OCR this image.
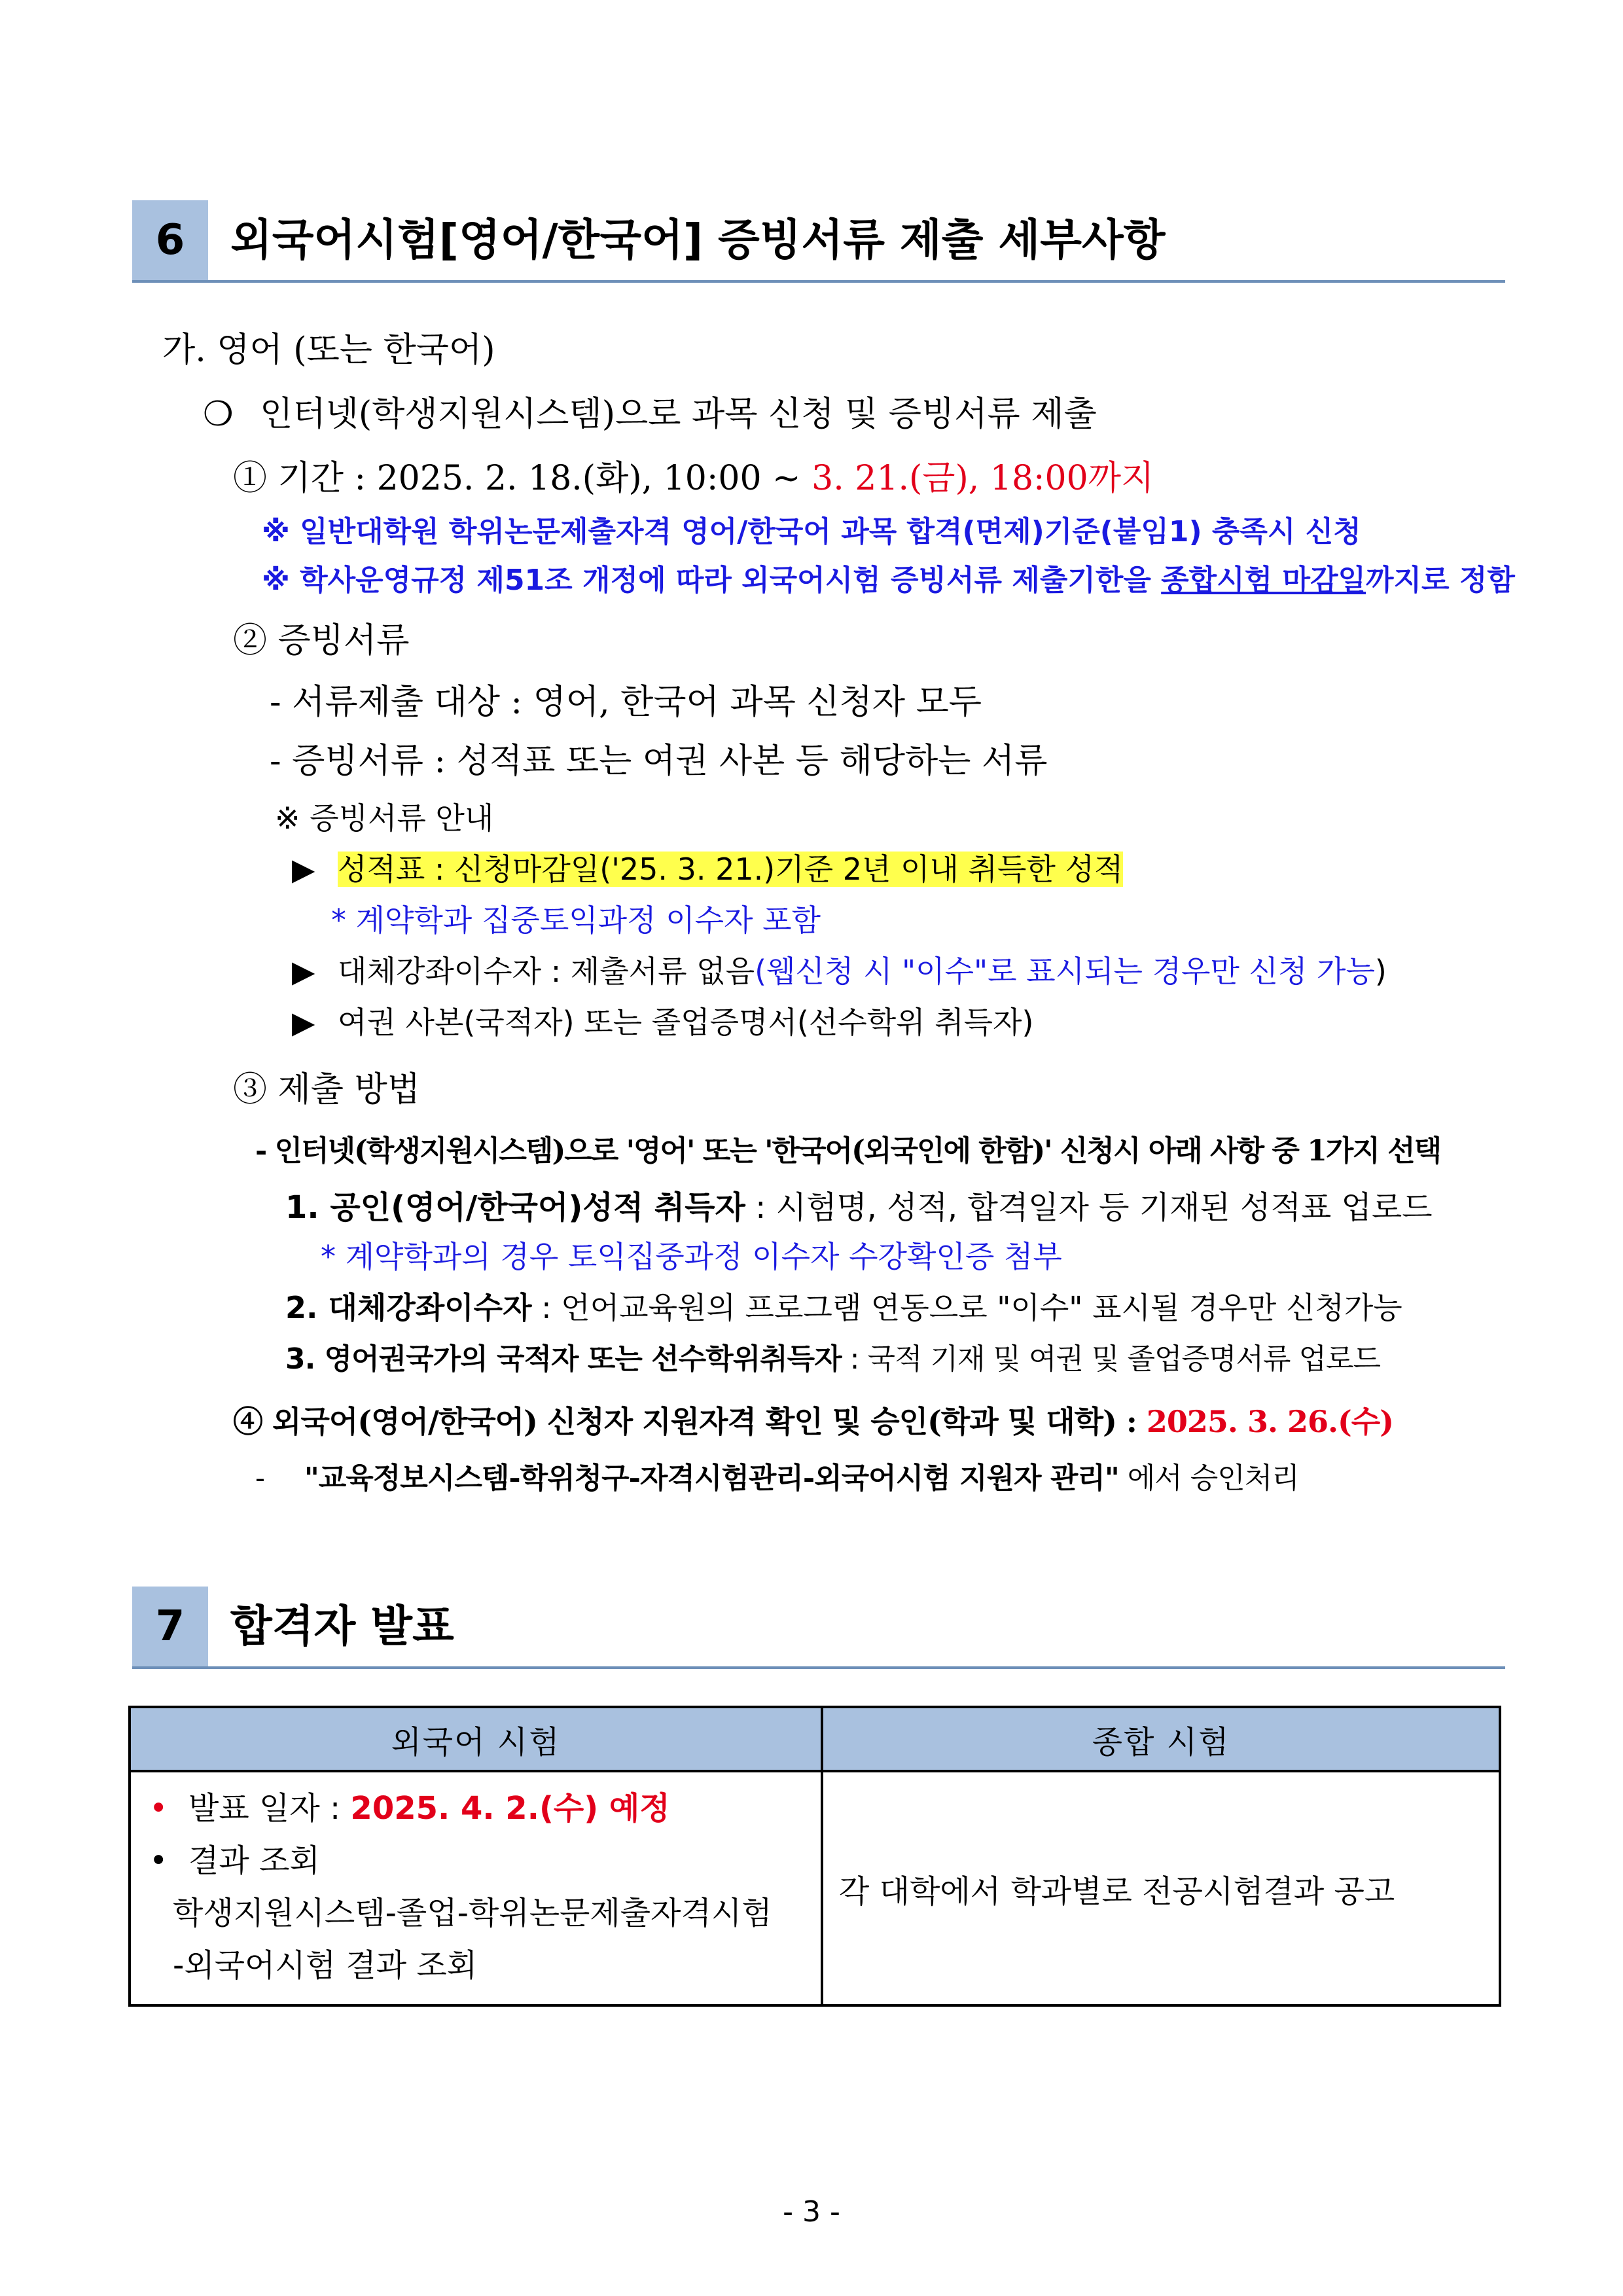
6	외국어시험[영어/한국어] 증빙서류 제출 세부사항
가. 영어 (또는 한국어)
❍ 인터넷(학생지원시스템)으로 과목 신청 및 증빙서류 제출
① 기간 : 2025. 2. 18.(화), 10:00 ~ 3. 21.(금), 18:00까지
※ 일반대학원 학위논문제출자격 영어/한국어 과목 합격(면제)기준(붙임1) 충족시 신청
※ 학사운영규정 제51조 개정에 따라 외국어시험 증빙서류 제출기한을 종합시험 마감일까지로 정함
② 증빙서류
- 서류제출 대상 : 영어, 한국어 과목 신청자 모두
- 증빙서류 : 성적표 또는 여권 사본 등 해당하는 서류
※ 증빙서류 안내
▶ 성적표 : 신청마감일('25. 3. 21.)기준 2년 이내 취득한 성적
* 계약학과 집중토익과정 이수자 포함
▶ 대체강좌이수자 : 제출서류 없음(웹신청 시 "이수"로 표시되는 경우만 신청 가능)
▶ 여권 사본(국적자) 또는 졸업증명서(선수학위 취득자)
③ 제출 방법
- 인터넷(학생지원시스템)으로 '영어' 또는 '한국어(외국인에 한함)' 신청시 아래 사항 중 1가지 선택
1. 공인(영어/한국어)성적 취득자 : 시험명, 성적, 합격일자 등 기재된 성적표 업로드
* 계약학과의 경우 토익집중과정 이수자 수강확인증 첨부
2. 대체강좌이수자 : 언어교육원의 프로그램 연동으로 "이수" 표시될 경우만 신청가능
3. 영어권국가의 국적자 또는 선수학위취득자 : 국적 기재 및 여권 및 졸업증명서류 업로드
④ 외국어(영어/한국어) 신청자 지원자격 확인 및 승인(학과 및 대학) : 2025. 3. 26.(수)
- "교육정보시스템-학위청구-자격시험관리-외국어시험 지원자 관리" 에서 승인처리
7	합격자 발표
외국어 시험	종합 시험

• 발표 일자 : 2025. 4. 2.(수) 예정
• 결과 조회
학생지원시스템-졸업-학위논문제출자격시험
-외국어시험 결과 조회	각 대학에서 학과별로 전공시험결과 공고
- 3 -
